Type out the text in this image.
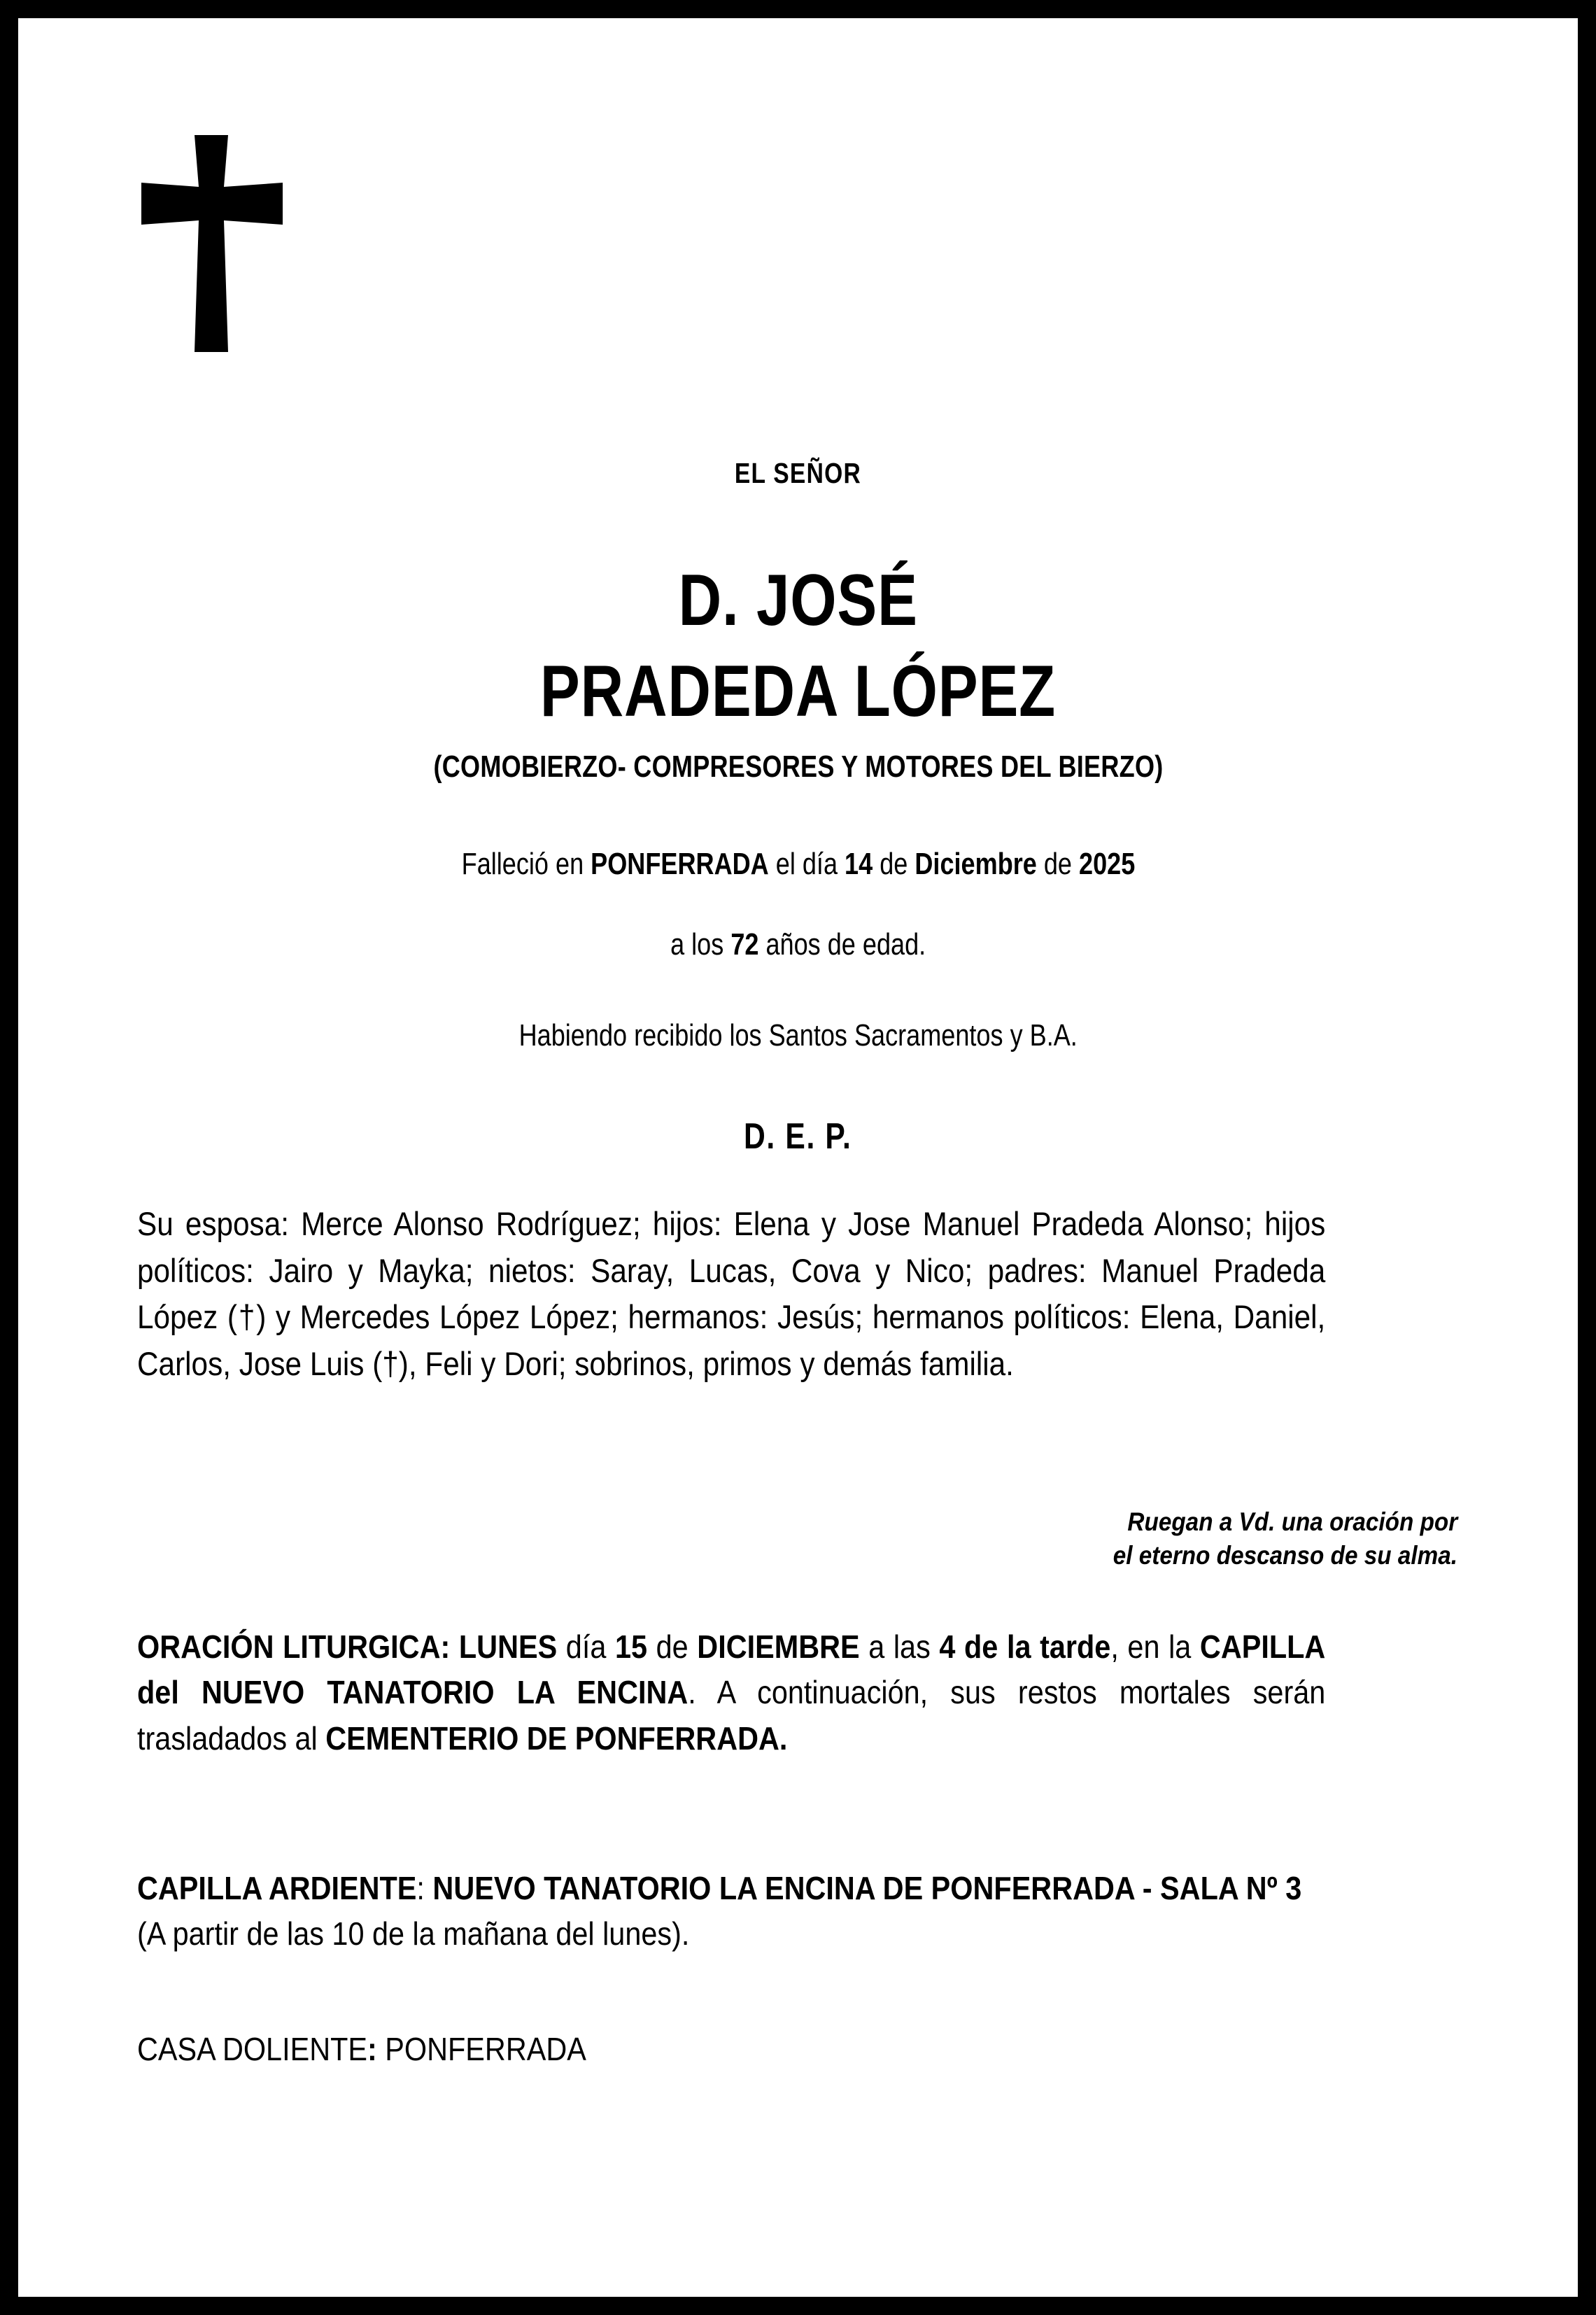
EL SEÑOR
D. JOSÉ
PRADEDA LÓPEZ
(COMOBIERZO- COMPRESORES Y MOTORES DEL BIERZO)
Falleció en PONFERRADA el día 14 de Diciembre de 2025
a los 72 años de edad.
Habiendo recibido los Santos Sacramentos y B.A.
D. E. P.
Su esposa: Merce Alonso Rodríguez; hijos: Elena y Jose Manuel Pradeda Alonso; hijos políticos: Jairo y Mayka; nietos: Saray, Lucas, Cova y Nico; padres: Manuel Pradeda López (†) y Mercedes López López; hermanos: Jesús; hermanos políticos: Elena, Daniel, Carlos, Jose Luis (†), Feli y Dori; sobrinos, primos y demás familia.
Ruegan a Vd. una oración por
el eterno descanso de su alma.
ORACIÓN LITURGICA: LUNES día 15 de DICIEMBRE a las 4 de la tarde, en la CAPILLA del NUEVO TANATORIO LA ENCINA. A continuación, sus restos mortales serán trasladados al CEMENTERIO DE PONFERRADA.
CAPILLA ARDIENTE: NUEVO TANATORIO LA ENCINA DE PONFERRADA - SALA Nº 3 (A partir de las 10 de la mañana del lunes).
CASA DOLIENTE: PONFERRADA
